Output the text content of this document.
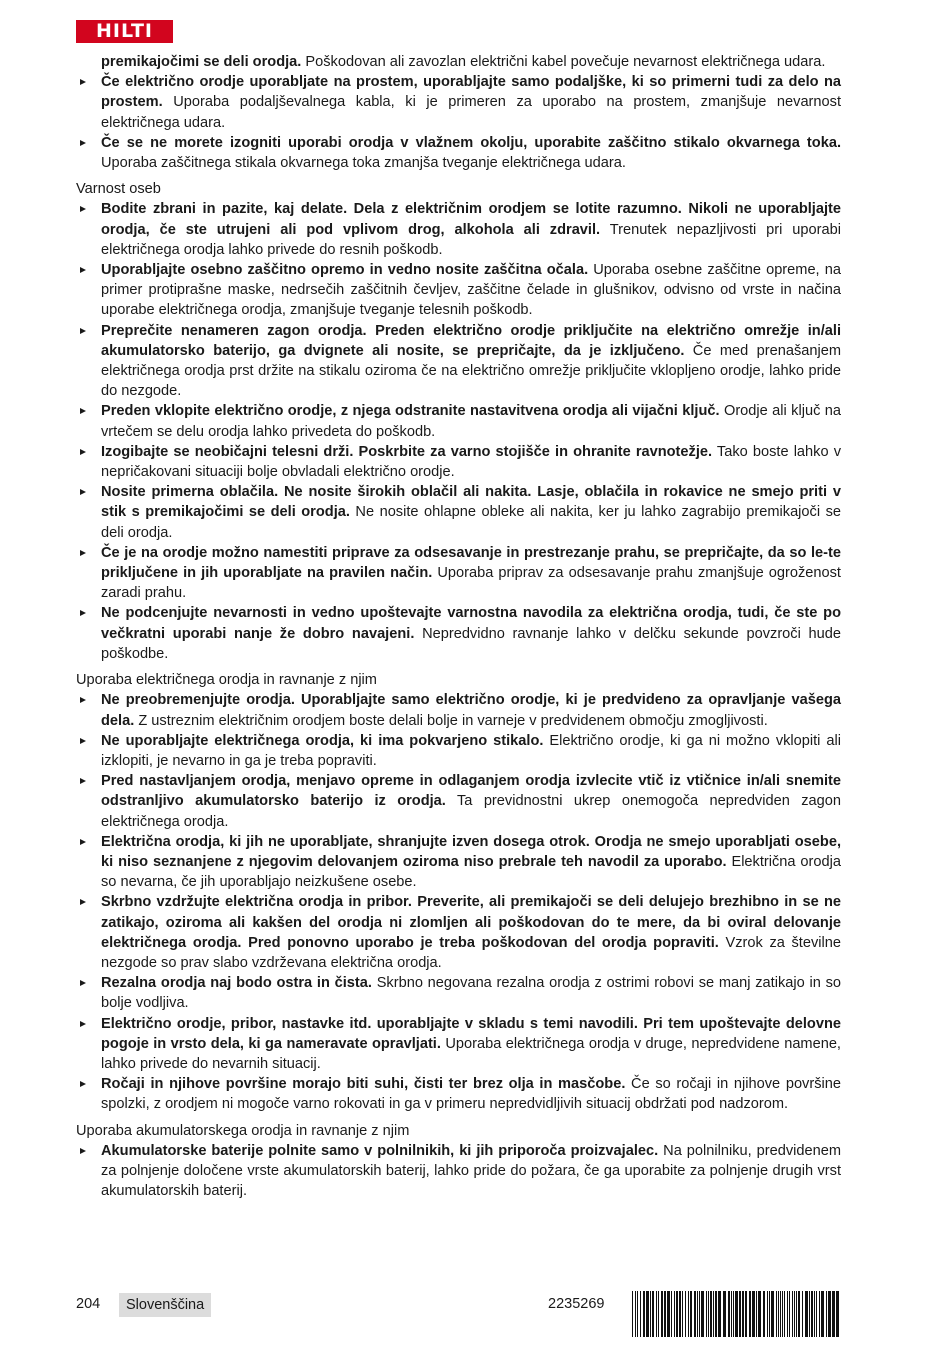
HILTI
premikajočimi se deli orodja. Poškodovan ali zavozlan električni kabel povečuje nevarnost električnega udara.
Če električno orodje uporabljate na prostem, uporabljajte samo podaljške, ki so primerni tudi za delo na prostem. Uporaba podaljševalnega kabla, ki je primeren za uporabo na prostem, zmanjšuje nevarnost električnega udara.
Če se ne morete izogniti uporabi orodja v vlažnem okolju, uporabite zaščitno stikalo okvarnega toka. Uporaba zaščitnega stikala okvarnega toka zmanjša tveganje električnega udara.
Varnost oseb
Bodite zbrani in pazite, kaj delate. Dela z električnim orodjem se lotite razumno. Nikoli ne uporabljajte orodja, če ste utrujeni ali pod vplivom drog, alkohola ali zdravil. Trenutek nepazljivosti pri uporabi električnega orodja lahko privede do resnih poškodb.
Uporabljajte osebno zaščitno opremo in vedno nosite zaščitna očala. Uporaba osebne zaščitne opreme, na primer protiprašne maske, nedrsečih zaščitnih čevljev, zaščitne čelade in glušnikov, odvisno od vrste in načina uporabe električnega orodja, zmanjšuje tveganje telesnih poškodb.
Preprečite nenameren zagon orodja. Preden električno orodje priključite na električno omrežje in/ali akumulatorsko baterijo, ga dvignete ali nosite, se prepričajte, da je izključeno. Če med prenašanjem električnega orodja prst držite na stikalu oziroma če na električno omrežje priključite vklopljeno orodje, lahko pride do nezgode.
Preden vklopite električno orodje, z njega odstranite nastavitvena orodja ali vijačni ključ. Orodje ali ključ na vrtečem se delu orodja lahko privedeta do poškodb.
Izogibajte se neobičajni telesni drži. Poskrbite za varno stojišče in ohranite ravnotežje. Tako boste lahko v nepričakovani situaciji bolje obvladali električno orodje.
Nosite primerna oblačila. Ne nosite širokih oblačil ali nakita. Lasje, oblačila in rokavice ne smejo priti v stik s premikajočimi se deli orodja. Ne nosite ohlapne obleke ali nakita, ker ju lahko zagrabijo premikajoči se deli orodja.
Če je na orodje možno namestiti priprave za odsesavanje in prestrezanje prahu, se prepričajte, da so le-te priključene in jih uporabljate na pravilen način. Uporaba priprav za odsesavanje prahu zmanjšuje ogroženost zaradi prahu.
Ne podcenjujte nevarnosti in vedno upoštevajte varnostna navodila za električna orodja, tudi, če ste po večkratni uporabi nanje že dobro navajeni. Nepredvidno ravnanje lahko v delčku sekunde povzroči hude poškodbe.
Uporaba električnega orodja in ravnanje z njim
Ne preobremenjujte orodja. Uporabljajte samo električno orodje, ki je predvideno za opravljanje vašega dela. Z ustreznim električnim orodjem boste delali bolje in varneje v predvidenem območju zmogljivosti.
Ne uporabljajte električnega orodja, ki ima pokvarjeno stikalo. Električno orodje, ki ga ni možno vklopiti ali izklopiti, je nevarno in ga je treba popraviti.
Pred nastavljanjem orodja, menjavo opreme in odlaganjem orodja izvlecite vtič iz vtičnice in/ali snemite odstranljivo akumulatorsko baterijo iz orodja. Ta previdnostni ukrep onemogoča nepredviden zagon električnega orodja.
Električna orodja, ki jih ne uporabljate, shranjujte izven dosega otrok. Orodja ne smejo uporabljati osebe, ki niso seznanjene z njegovim delovanjem oziroma niso prebrale teh navodil za uporabo. Električna orodja so nevarna, če jih uporabljajo neizkušene osebe.
Skrbno vzdržujte električna orodja in pribor. Preverite, ali premikajoči se deli delujejo brezhibno in se ne zatikajo, oziroma ali kakšen del orodja ni zlomljen ali poškodovan do te mere, da bi oviral delovanje električnega orodja. Pred ponovno uporabo je treba poškodovan del orodja popraviti. Vzrok za številne nezgode so prav slabo vzdrževana električna orodja.
Rezalna orodja naj bodo ostra in čista. Skrbno negovana rezalna orodja z ostrimi robovi se manj zatikajo in so bolje vodljiva.
Električno orodje, pribor, nastavke itd. uporabljajte v skladu s temi navodili. Pri tem upoštevajte delovne pogoje in vrsto dela, ki ga nameravate opravljati. Uporaba električnega orodja v druge, nepredvidene namene, lahko privede do nevarnih situacij.
Ročaji in njihove površine morajo biti suhi, čisti ter brez olja in masčobe. Če so ročaji in njihove površine spolzki, z orodjem ni mogoče varno rokovati in ga v primeru nepredvidljivih situacij obdržati pod nadzorom.
Uporaba akumulatorskega orodja in ravnanje z njim
Akumulatorske baterije polnite samo v polnilnikih, ki jih priporoča proizvajalec. Na polnilniku, predvidenem za polnjenje določene vrste akumulatorskih baterij, lahko pride do požara, če ga uporabite za polnjenje drugih vrst akumulatorskih baterij.
204	Slovenščina	2235269
